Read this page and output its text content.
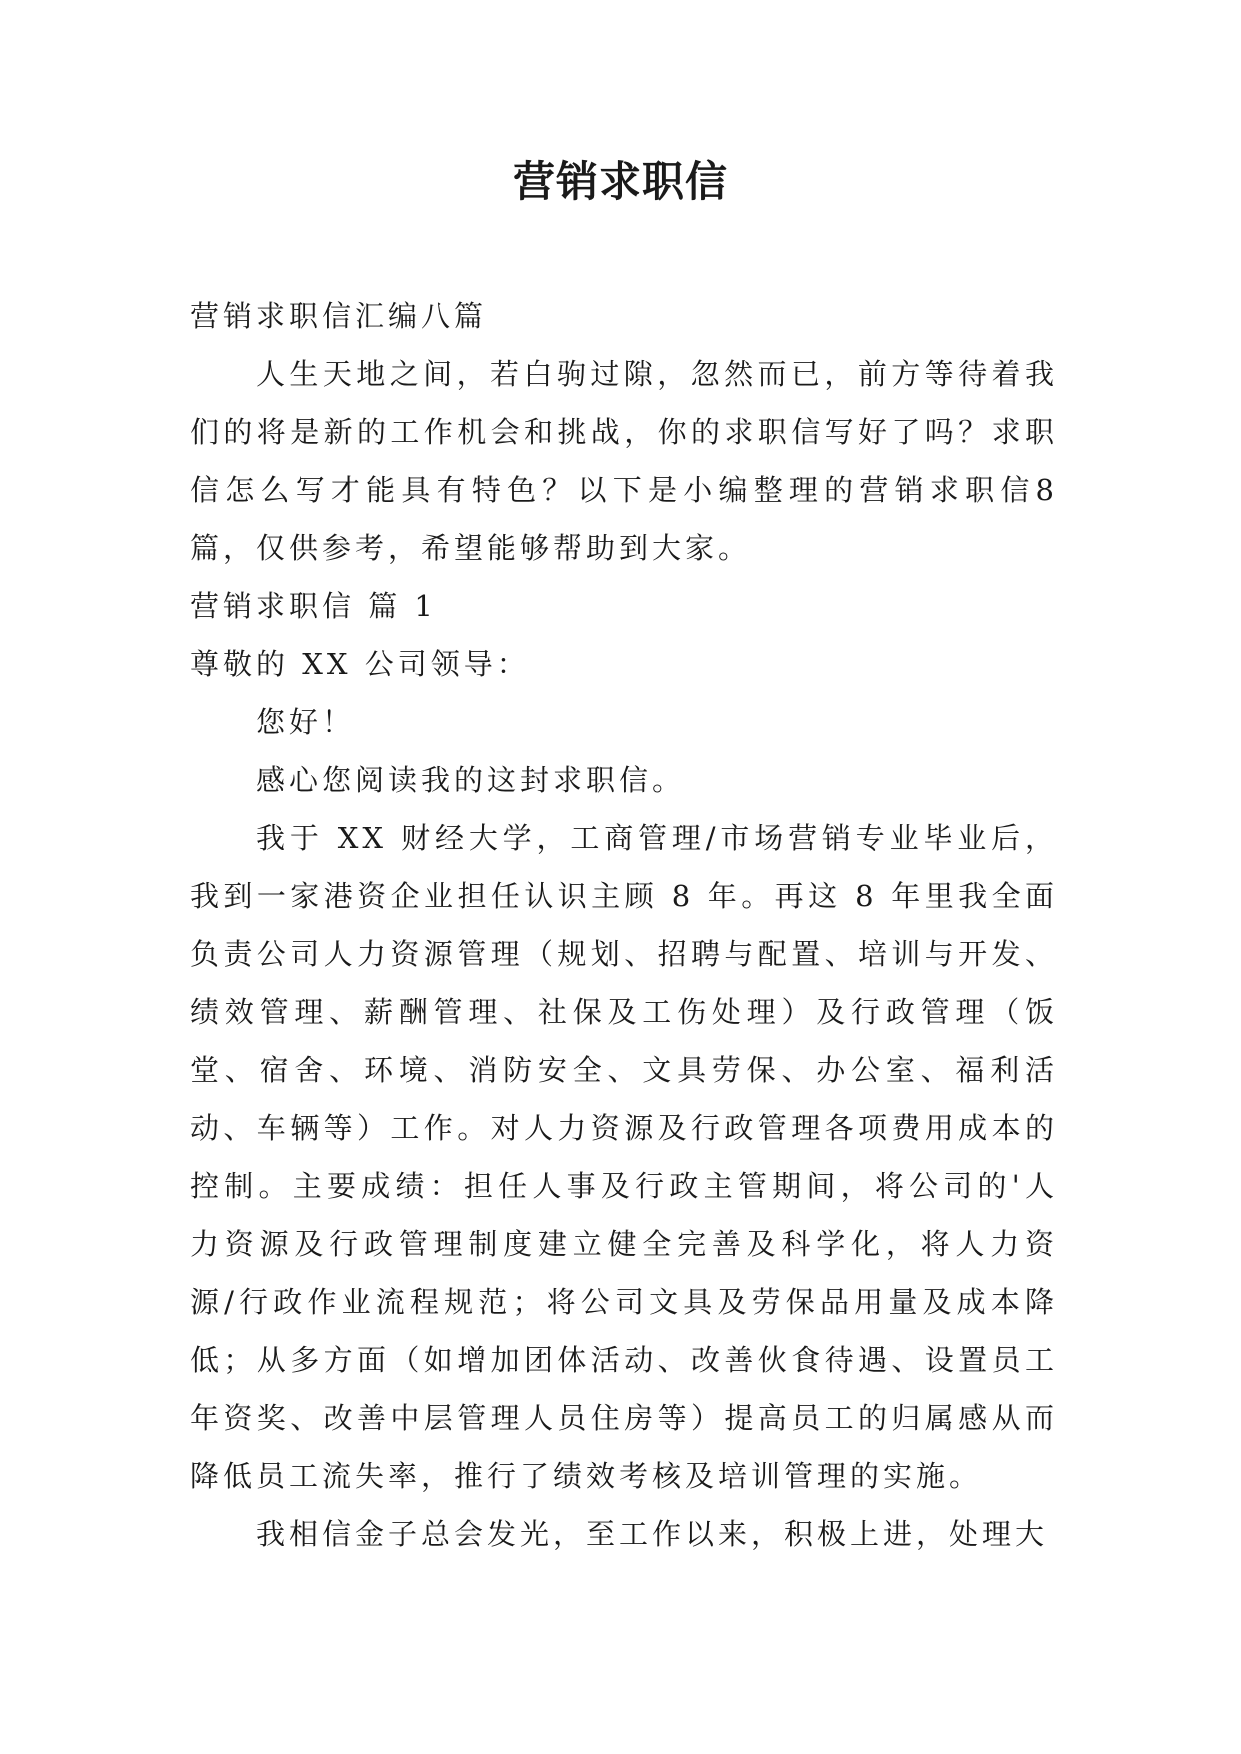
营销求职信

营销求职信汇编八篇

人生天地之间，若白驹过隙，忽然而已，前方等待着我们的将是新的工作机会和挑战，你的求职信写好了吗？求职信怎么写才能具有特色？以下是小编整理的营销求职信8篇，仅供参考，希望能够帮助到大家。

营销求职信 篇 1

尊敬的 XX 公司领导：

您好！

感心您阅读我的这封求职信。

我于 XX 财经大学，工商管理/市场营销专业毕业后，我到一家港资企业担任认识主顾 8 年。再这 8 年里我全面负责公司人力资源管理（规划、招聘与配置、培训与开发、绩效管理、薪酬管理、社保及工伤处理）及行政管理（饭堂、宿舍、环境、消防安全、文具劳保、办公室、福利活动、车辆等）工作。对人力资源及行政管理各项费用成本的控制。主要成绩：担任人事及行政主管期间，将公司的'人力资源及行政管理制度建立健全完善及科学化，将人力资源/行政作业流程规范；将公司文具及劳保品用量及成本降低；从多方面（如增加团体活动、改善伙食待遇、设置员工年资奖、改善中层管理人员住房等）提高员工的归属感从而降低员工流失率，推行了绩效考核及培训管理的实施。

我相信金子总会发光，至工作以来，积极上进，处理大
